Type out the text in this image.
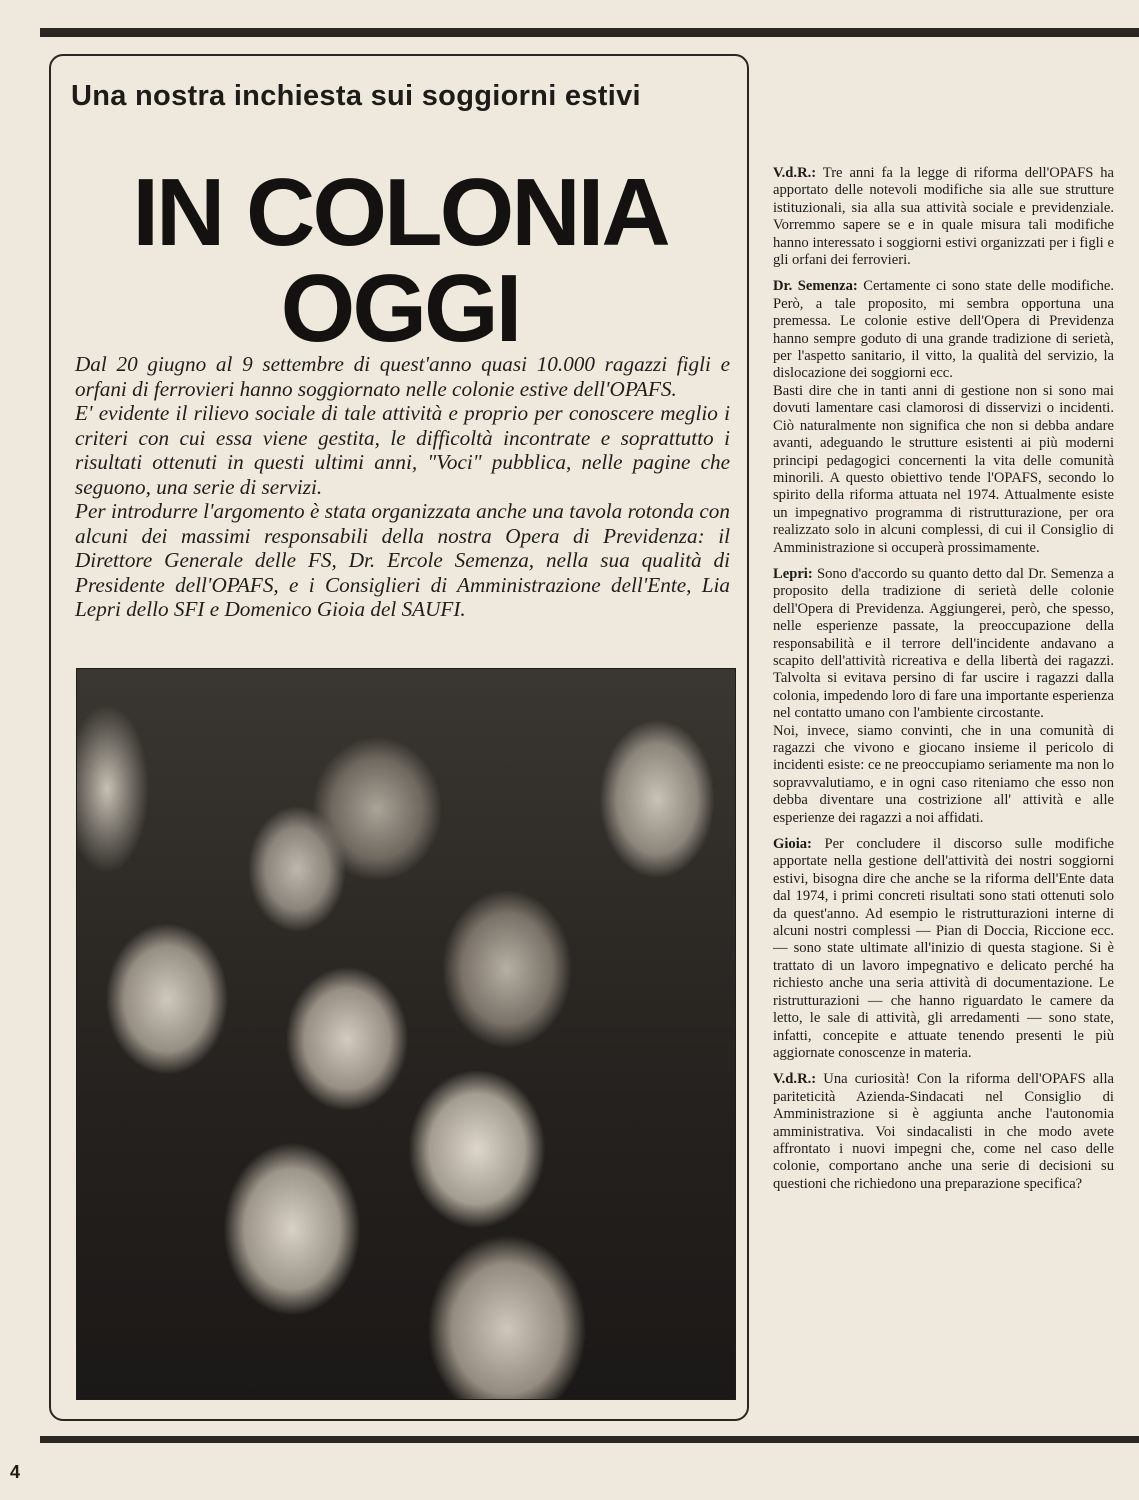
Una nostra inchiesta sui soggiorni estivi
IN COLONIA
OGGI

Dal 20 giugno al 9 settembre di quest'anno quasi 10.000 ragazzi figli e orfani di ferrovieri hanno soggiornato nelle colonie estive dell'OPAFS.

E' evidente il rilievo sociale di tale attività e proprio per conoscere meglio i criteri con cui essa viene gestita, le difficoltà incontrate e soprattutto i risultati ottenuti in questi ultimi anni, "Voci" pubblica, nelle pagine che seguono, una serie di servizi.

Per introdurre l'argomento è stata organizzata anche una tavola rotonda con alcuni dei massimi responsabili della nostra Opera di Previdenza: il Direttore Generale delle FS, Dr. Ercole Semenza, nella sua qualità di Presidente dell'OPAFS, e i Consiglieri di Amministrazione dell'Ente, Lia Lepri dello SFI e Domenico Gioia del SAUFI.

V.d.R.: Tre anni fa la legge di riforma dell'OPAFS ha apportato delle notevoli modifiche sia alle sue strutture istituzionali, sia alla sua attività sociale e previdenziale. Vorremmo sapere se e in quale misura tali modifiche hanno interessato i soggiorni estivi organizzati per i figli e gli orfani dei ferrovieri.

Dr. Semenza: Certamente ci sono state delle modifiche. Però, a tale proposito, mi sembra opportuna una premessa. Le colonie estive dell'Opera di Previdenza hanno sempre goduto di una grande tradizione di serietà, per l'aspetto sanitario, il vitto, la qualità del servizio, la dislocazione dei soggiorni ecc.

Basti dire che in tanti anni di gestione non si sono mai dovuti lamentare casi clamorosi di disservizi o incidenti. Ciò naturalmente non significa che non si debba andare avanti, adeguando le strutture esistenti ai più moderni principi pedagogici concernenti la vita delle comunità minorili. A questo obiettivo tende l'OPAFS, secondo lo spirito della riforma attuata nel 1974. Attualmente esiste un impegnativo programma di ristrutturazione, per ora realizzato solo in alcuni complessi, di cui il Consiglio di Amministrazione si occuperà prossimamente.

Lepri: Sono d'accordo su quanto detto dal Dr. Semenza a proposito della tradizione di serietà delle colonie dell'Opera di Previdenza. Aggiungerei, però, che spesso, nelle esperienze passate, la preoccupazione della responsabilità e il terrore dell'incidente andavano a scapito dell'attività ricreativa e della libertà dei ragazzi. Talvolta si evitava persino di far uscire i ragazzi dalla colonia, impedendo loro di fare una importante esperienza nel contatto umano con l'ambiente circostante.

Noi, invece, siamo convinti, che in una comunità di ragazzi che vivono e giocano insieme il pericolo di incidenti esiste: ce ne preoccupiamo seriamente ma non lo sopravvalutiamo, e in ogni caso riteniamo che esso non debba diventare una costrizione all' attività e alle esperienze dei ragazzi a noi affidati.

Gioia: Per concludere il discorso sulle modifiche apportate nella gestione dell'attività dei nostri soggiorni estivi, bisogna dire che anche se la riforma dell'Ente data dal 1974, i primi concreti risultati sono stati ottenuti solo da quest'anno. Ad esempio le ristrutturazioni interne di alcuni nostri complessi — Pian di Doccia, Riccione ecc. — sono state ultimate all'inizio di questa stagione. Si è trattato di un lavoro impegnativo e delicato perché ha richiesto anche una seria attività di documentazione. Le ristrutturazioni — che hanno riguardato le camere da letto, le sale di attività, gli arredamenti — sono state, infatti, concepite e attuate tenendo presenti le più aggiornate conoscenze in materia.

V.d.R.: Una curiosità! Con la riforma dell'OPAFS alla pariteticità Azienda-Sindacati nel Consiglio di Amministrazione si è aggiunta anche l'autonomia amministrativa. Voi sindacalisti in che modo avete affrontato i nuovi impegni che, come nel caso delle colonie, comportano anche una serie di decisioni su questioni che richiedono una preparazione specifica?

4
